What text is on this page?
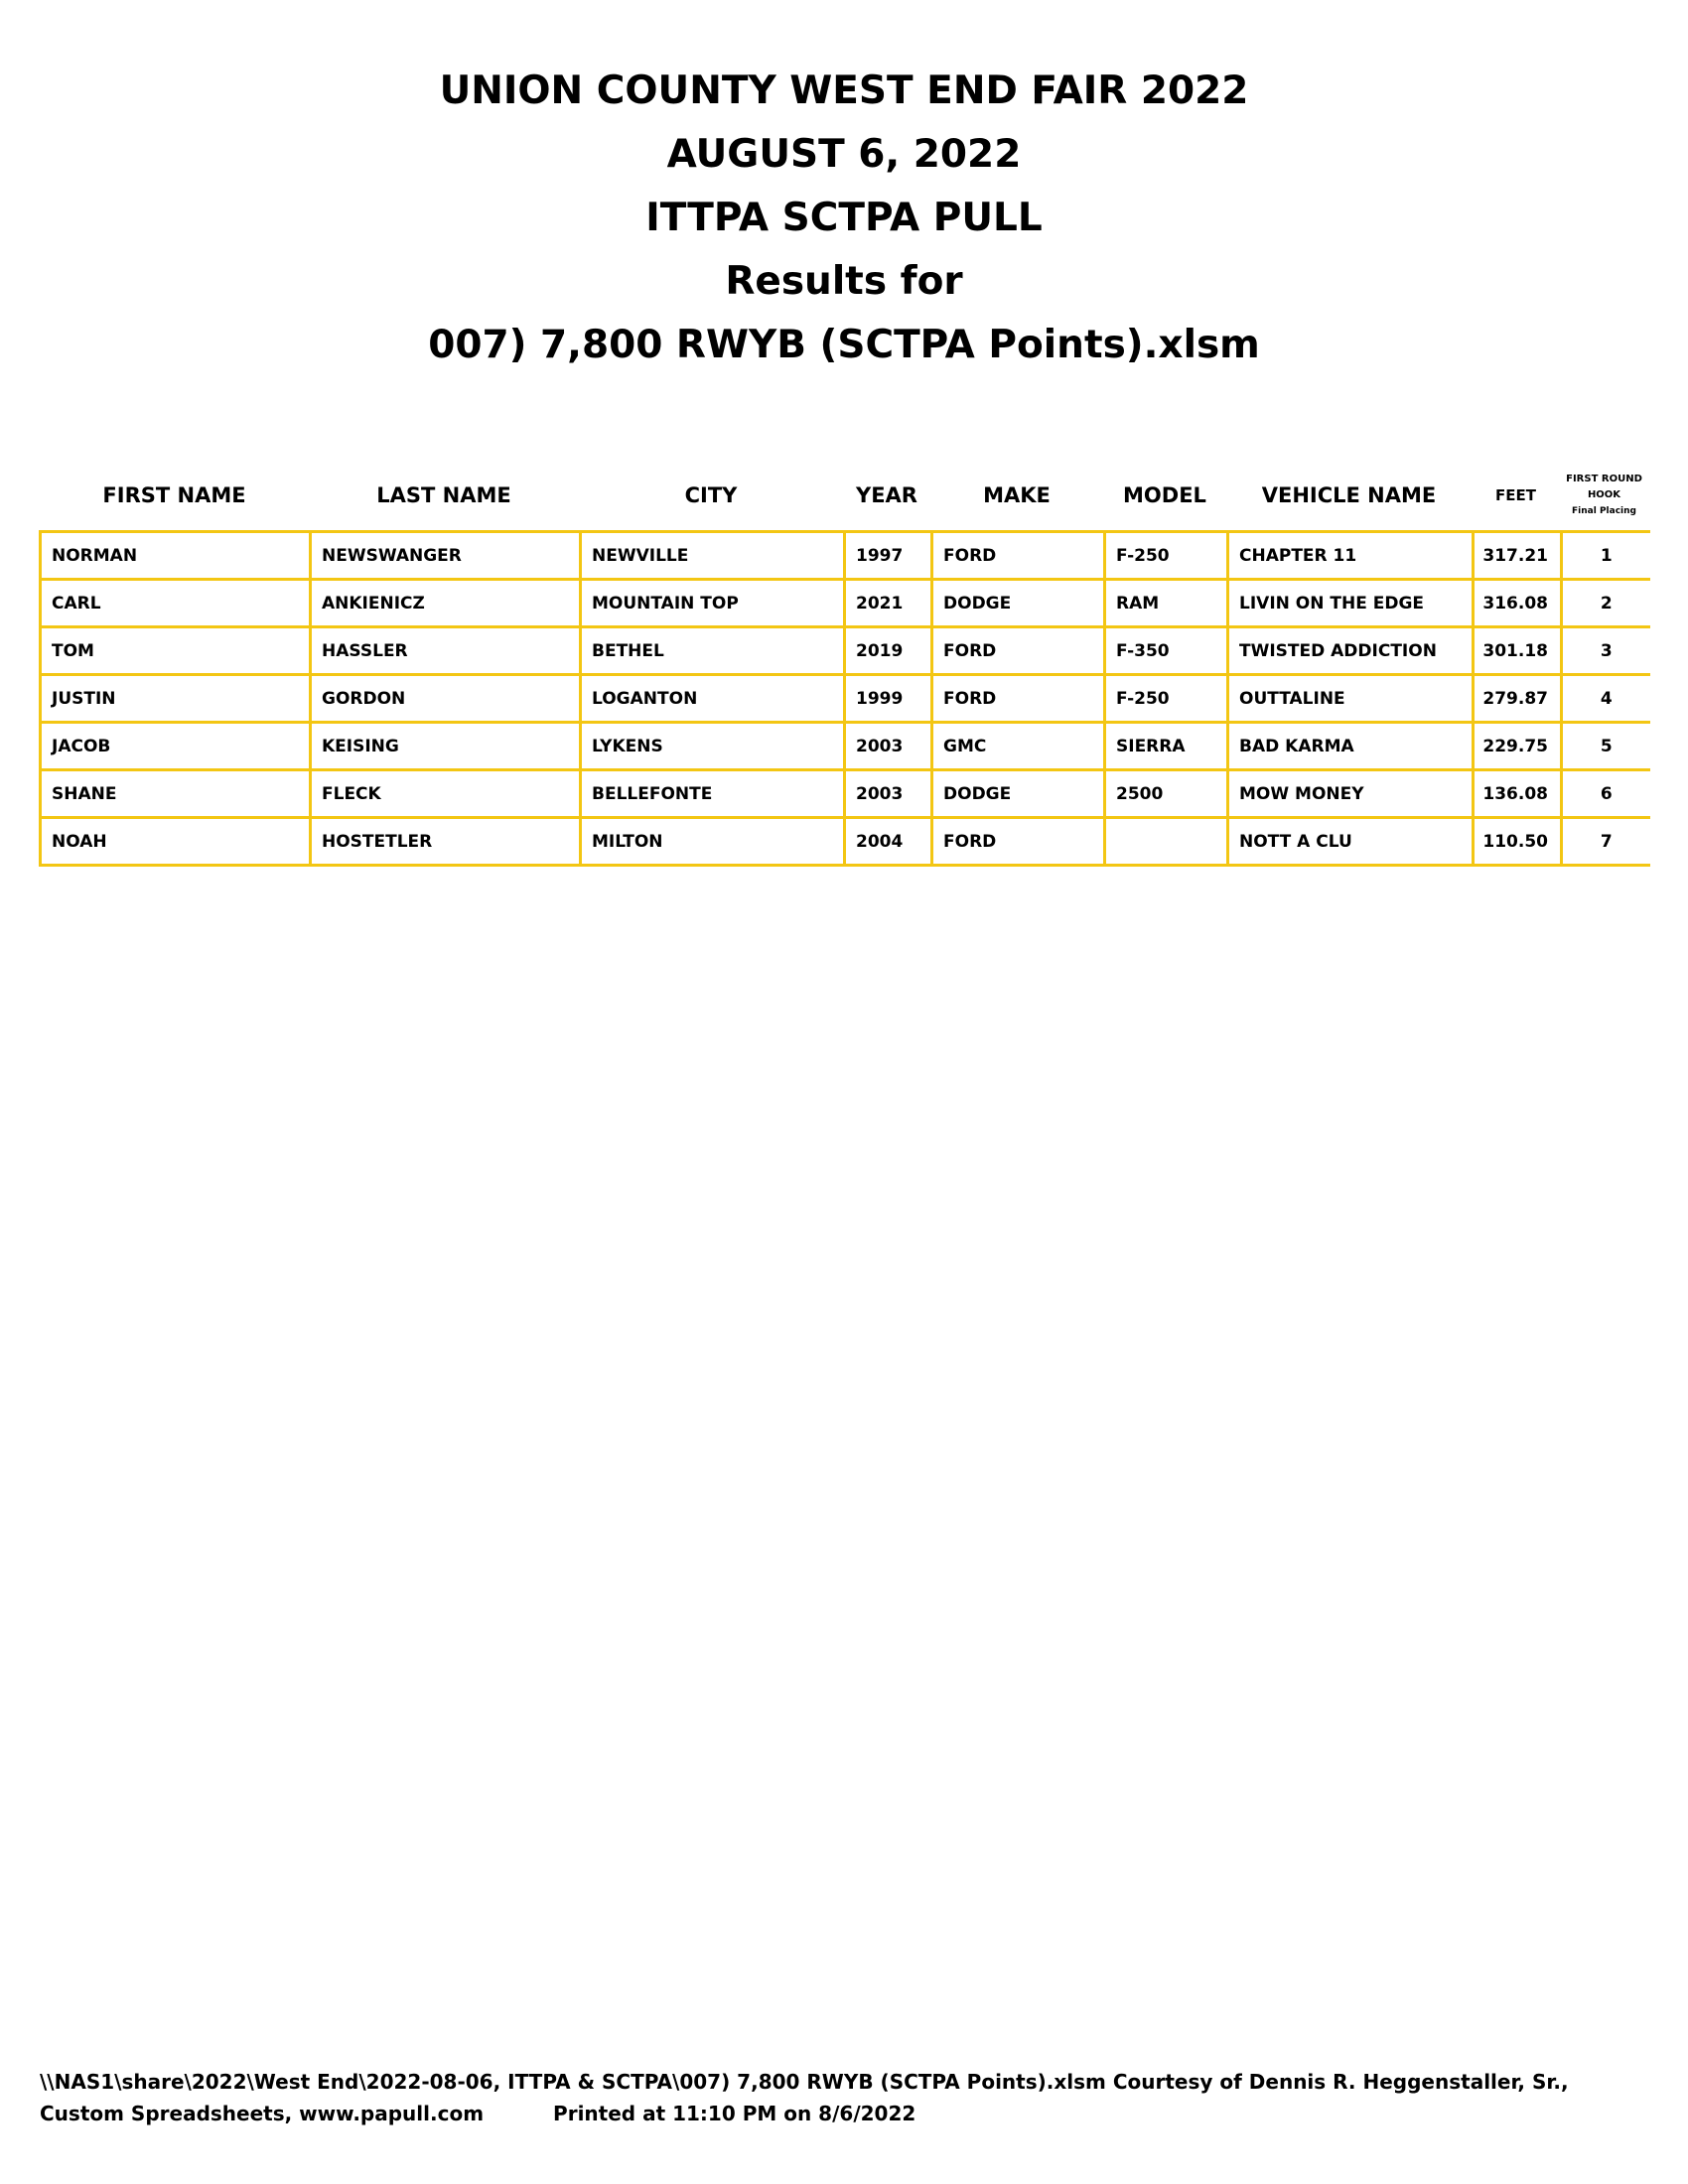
UNION COUNTY WEST END FAIR 2022
AUGUST 6, 2022
ITTPA SCTPA PULL
Results for
007) 7,800 RWYB (SCTPA Points).xlsm
FIRST NAME	LAST NAME	CITY	YEAR	MAKE	MODEL	VEHICLE NAME	FEET
FIRST ROUND
HOOK
Final Placing
NORMAN	NEWSWANGER	NEWVILLE	1997	FORD	F-250	CHAPTER 11	317.21	1
CARL	ANKIENICZ	MOUNTAIN TOP	2021	DODGE	RAM	LIVIN ON THE EDGE	316.08	2
TOM	HASSLER	BETHEL	2019	FORD	F-350	TWISTED ADDICTION	301.18	3
JUSTIN	GORDON	LOGANTON	1999	FORD	F-250	OUTTALINE	279.87	4
JACOB	KEISING	LYKENS	2003	GMC	SIERRA	BAD KARMA	229.75	5
SHANE	FLECK	BELLEFONTE	2003	DODGE	2500	MOW MONEY	136.08	6
NOAH	HOSTETLER	MILTON	2004	FORD		NOTT A CLU	110.50	7
\\NAS1\share\2022\West End\2022-08-06, ITTPA & SCTPA\007) 7,800 RWYB (SCTPA Points).xlsm Courtesy of Dennis R. Heggenstaller, Sr.,
Custom Spreadsheets, www.papull.com	Printed at 11:10 PM on 8/6/2022
